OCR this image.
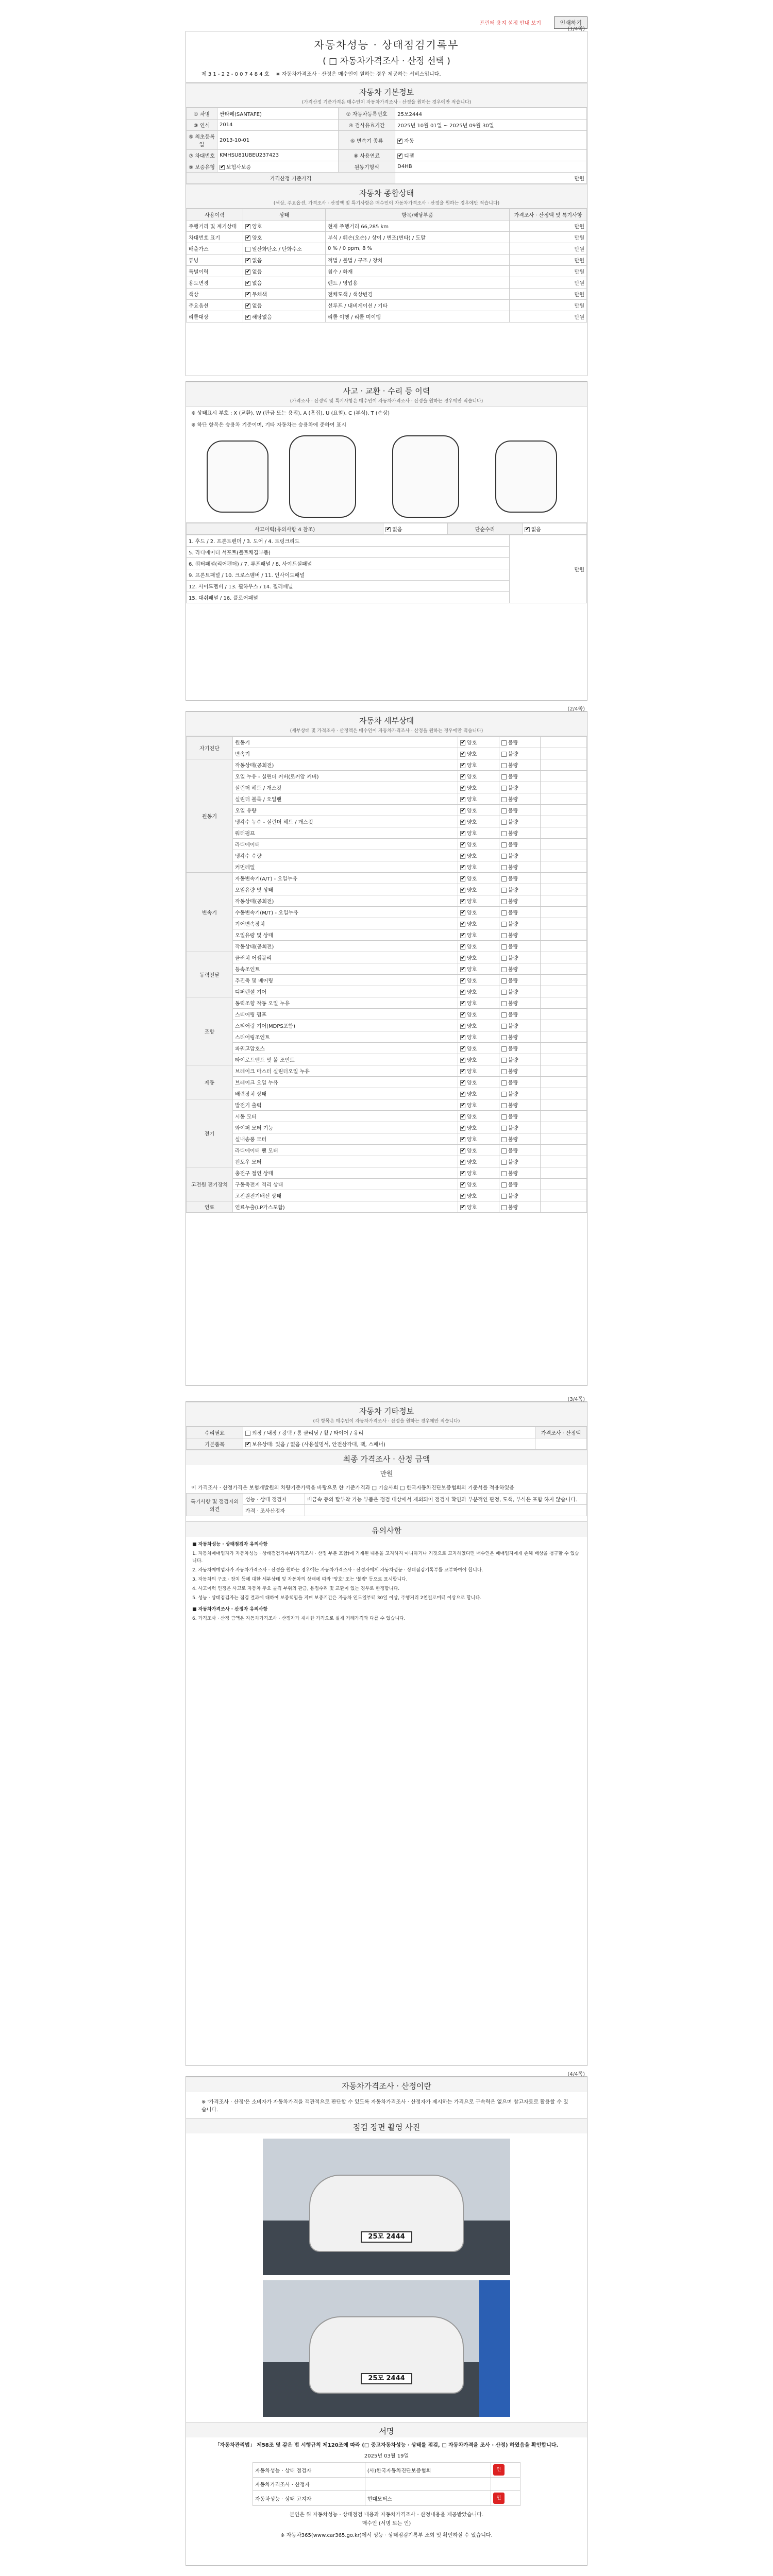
프린터 용지 설정 안내 보기	인쇄하기
(1/4쪽)
자동차성능 · 상태점검기록부
( □ 자동차가격조사 · 산정 선택 )
제 3 1 - 2 2 - 0 0 7 4 8 4 호 ※ 자동차가격조사 · 산정은 매수인이 원하는 경우 제공하는 서비스입니다.
자동차 기본정보
(가격산정 기준가격은 매수인이 자동차가격조사 · 산정을 원하는 경우에만 적습니다)
① 차명	싼타페(SANTAFE)	② 자동차등록번호	25모2444
③ 연식	2014	④ 검사유효기간	2025년 10월 01일 ~ 2025년 09월 30일
⑤ 최초등록일	2013-10-01	⑥ 변속기 종류	✔자동
⑦ 차대번호	KMHSU81UBEU237423	⑧ 사용연료	✔디젤
⑨ 보증유형	✔보험사보증	원동기형식	D4HB
가격산정 기준가격			만원
자동차 종합상태
(색상, 주요옵션, 가격조사 · 산정액 및 특기사항은 매수인이 자동차가격조사 · 산정을 원하는 경우에만 적습니다)
사용이력	상태	항목/해당부품	가격조사 · 산정액 및 특기사항
주행거리 및 계기상태	✔양호	현재 주행거리 66,285 km	만원
차대번호 표기	✔양호	부식 / 훼손(오손) / 상이 / 변조(변타) / 도말	만원
배출가스	일산화탄소 / 탄화수소	0 % / 0 ppm, 8 %	만원
튜닝	✔없음	적법 / 불법 / 구조 / 장치	만원
특별이력	✔없음	침수 / 화재	만원
용도변경	✔없음	렌트 / 영업용	만원
색상	✔무채색	전체도색 / 색상변경	만원
주요옵션	✔없음	선루프 / 내비게이션 / 기타	만원
리콜대상	✔해당없음	리콜 이행 / 리콜 미이행	만원
사고 · 교환 · 수리 등 이력
(가격조사 · 산정액 및 특기사항은 매수인이 자동차가격조사 · 산정을 원하는 경우에만 적습니다)
※ 상태표시 부호 : X (교환), W (판금 또는 용접), A (흠집), U (요철), C (부식), T (손상)
※ 하단 항목은 승용차 기준이며, 기타 자동차는 승용차에 준하여 표시
사고이력(유의사항 4 참조)	✔없음	단순수리	✔없음
1. 후드 / 2. 프론트펜더 / 3. 도어 / 4. 트렁크리드	만원
5. 라디에이터 서포트(볼트체결부품)
6. 쿼터패널(리어펜더) / 7. 루프패널 / 8. 사이드실패널
9. 프론트패널 / 10. 크로스멤버 / 11. 인사이드패널
12. 사이드멤버 / 13. 휠하우스 / 14. 필러패널
15. 대쉬패널 / 16. 플로어패널
(2/4쪽)
자동차 세부상태
(세부상태 및 가격조사 · 산정액은 매수인이 자동차가격조사 · 산정을 원하는 경우에만 적습니다)
자기진단	원동기	✔양호	불량	
	변속기	✔양호	불량	
원동기	작동상태(공회전)	✔양호	불량	
	오일 누유 - 실린더 커버(로커암 커버)	✔양호	불량	
	실린더 헤드 / 개스킷	✔양호	불량	
	실린더 블록 / 오일팬	✔양호	불량	
	오일 유량	✔양호	불량	
	냉각수 누수 - 실린더 헤드 / 개스킷	✔양호	불량	
	워터펌프	✔양호	불량	
	라디에이터	✔양호	불량	
	냉각수 수량	✔양호	불량	
	커먼레일	✔양호	불량	
변속기	자동변속기(A/T) - 오일누유	✔양호	불량	
	오일유량 및 상태	✔양호	불량	
	작동상태(공회전)	✔양호	불량	
	수동변속기(M/T) - 오일누유	✔양호	불량	
	기어변속장치	✔양호	불량	
	오일유량 및 상태	✔양호	불량	
	작동상태(공회전)	✔양호	불량	
동력전달	클러치 어셈블리	✔양호	불량	
	등속조인트	✔양호	불량	
	추진축 및 베어링	✔양호	불량	
	디퍼렌셜 기어	✔양호	불량	
조향	동력조향 작동 오일 누유	✔양호	불량	
	스티어링 펌프	✔양호	불량	
	스티어링 기어(MDPS포함)	✔양호	불량	
	스티어링조인트	✔양호	불량	
	파워고압호스	✔양호	불량	
	타이로드엔드 및 볼 조인트	✔양호	불량	
제동	브레이크 마스터 실린더오일 누유	✔양호	불량	
	브레이크 오일 누유	✔양호	불량	
	배력장치 상태	✔양호	불량	
전기	발전기 출력	✔양호	불량	
	시동 모터	✔양호	불량	
	와이퍼 모터 기능	✔양호	불량	
	실내송풍 모터	✔양호	불량	
	라디에이터 팬 모터	✔양호	불량	
	윈도우 모터	✔양호	불량	
고전원 전기장치	충전구 절연 상태	✔양호	불량	
	구동축전지 격리 상태	✔양호	불량	
	고전원전기배선 상태	✔양호	불량	
연료	연료누출(LP가스포함)	✔양호	불량	
(3/4쪽)
자동차 기타정보
(각 항목은 매수인이 자동차가격조사 · 산정을 원하는 경우에만 적습니다)
수리필요	외장 / 내장 / 광택 / 룸 클리닝 / 휠 / 타이어 / 유리	가격조사 · 산정액
기본품목	✔보유상태: 있음 / 없음 (사용설명서, 안전삼각대, 잭, 스패너)	
최종 가격조사 · 산정 금액
만원
이 가격조사 · 산정가격은 보험개발원의 차량기준가액을 바탕으로 한 기준가격과 □ 기술사회 □ 한국자동차진단보증협회의 기준서를 적용하였음
특기사항 및 점검자의 의견	성능 · 상태 점검자	비금속 등의 탈부착 가능 부품은 점검 대상에서 제외되어 점검자 확인과 부분적인 판정, 도색, 부식은 포함 하지 않습니다.
	가격 · 조사산정자	
유의사항

■ 자동차성능 · 상태점검자 유의사항

1. 자동차매매업자가 자동차성능 · 상태점검기록부(가격조사 · 산정 부분 포함)에 기재된 내용을 고지하지 아니하거나 거짓으로 고지하였다면 매수인은 매매업자에게 손해 배상을 청구할 수 있습니다.

2. 자동차매매업자가 자동차가격조사 · 산정을 원하는 경우에는 자동차가격조사 · 산정자에게 자동차성능 · 상태점검기록부를 교부하여야 합니다.

3. 자동차의 구조 · 장치 등에 대한 세부상태 및 자동차의 상태에 따라 '양호' 또는 '불량' 등으로 표시합니다.

4. 사고이력 인정은 사고로 자동차 주요 골격 부위의 판금, 용접수리 및 교환이 있는 경우로 한정합니다.

5. 성능 · 상태점검자는 점검 결과에 대하여 보증책임을 지며 보증기간은 자동차 인도일부터 30일 이상, 주행거리 2천킬로미터 이상으로 합니다.

■ 자동차가격조사 · 산정자 유의사항

6. 가격조사 · 산정 금액은 자동차가격조사 · 산정자가 제시한 가격으로 실제 거래가격과 다를 수 있습니다.

(4/4쪽)
자동차가격조사 · 산정이란
※ '가격조사 · 산정'은 소비자가 자동차가격을 객관적으로 판단할 수 있도록 자동차가격조사 · 산정자가 제시하는 가격으로 구속력은 없으며 참고자료로 활용할 수 있습니다.
점검 장면 촬영 사진
25모 2444
25모 2444
서명
「자동차관리법」 제58조 및 같은 법 시행규칙 제120조에 따라 (□ 중고자동차성능 · 상태를 점검, □ 자동차가격을 조사 · 산정) 하였음을 확인합니다.
2025년 03월 19일
자동차성능 · 상태 점검자	(사)한국자동차진단보증협회	인
자동차가격조사 · 산정자		
자동차성능 · 상태 고지자	현대모터스	인
본인은 위 자동차성능 · 상태점검 내용과 자동차가격조사 · 산정내용을 제공받았습니다.
매수인 (서명 또는 인)
※ 자동차365(www.car365.go.kr)에서 성능 · 상태점검기록부 조회 및 확인하실 수 있습니다.
